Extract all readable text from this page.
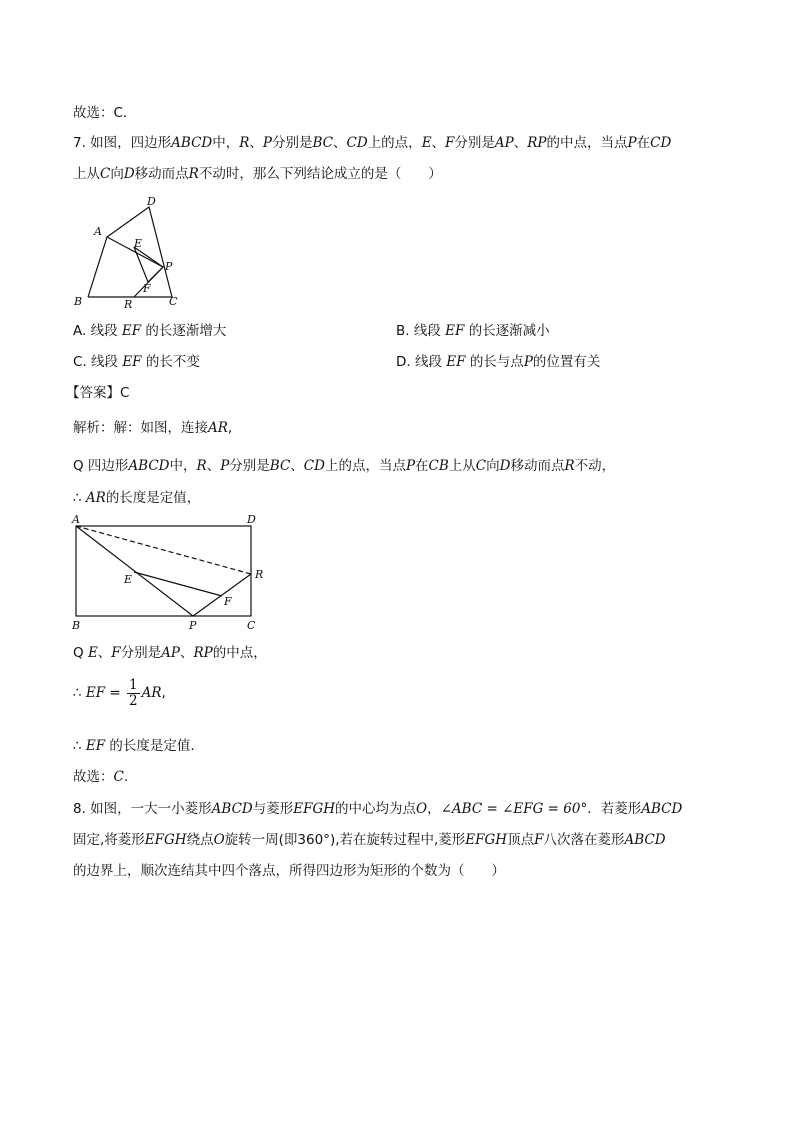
故选：C．
7. 如图，四边形ABCD中，R、P分别是BC、CD上的点，E、F分别是AP、RP的中点，当点P在CD
上从C向D移动而点R不动时，那么下列结论成立的是（　　）
A
B	C
D
E
F
P
R
A. 线段 EF 的长逐渐增大	B. 线段 EF 的长逐渐减小
C. 线段 EF 的长不变	D. 线段 EF 的长与点P的位置有关
【答案】C
解析：解：如图，连接AR,
Q 四边形ABCD中，R、P分别是BC、CD上的点，当点P在CB上从C向D移动而点R不动，
∴ AR的长度是定值，
A
B	C
D
E
F
P
R
Q E、F分别是AP、RP的中点，
∴ EF = $\frac{1}{2}$ AR,
∴ EF 的长度是定值.
故选：C.
8. 如图，一大一小菱形ABCD与菱形EFGH的中心均为点O，∠ABC = ∠EFG = 60°．若菱形ABCD
固定,将菱形EFGH绕点O旋转一周(即360°),若在旋转过程中,菱形EFGH顶点F八次落在菱形ABCD
的边界上，顺次连结其中四个落点，所得四边形为矩形的个数为（　　）
